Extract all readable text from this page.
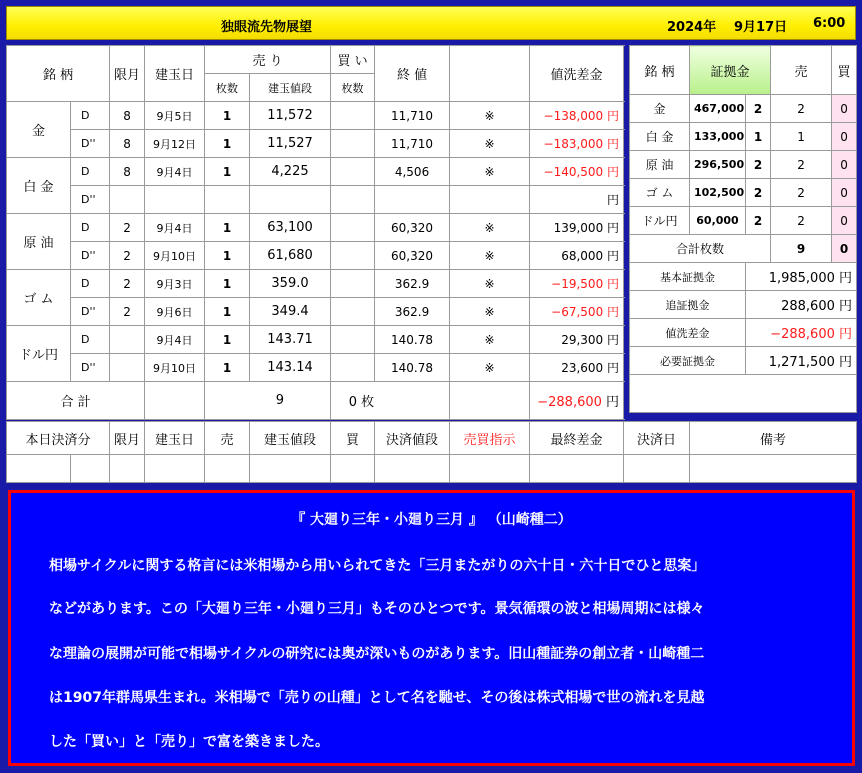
独眼流先物展望	2024年 9月17日 6:00
銘 柄		限月	建玉日	売 り		買 い	終 値	売買指示	値洗差金
				枚数	建玉値段	枚数			
金	D	8	9月5日	1	11,572		11,710	※	−138,000 円
	D''	8	9月12日	1	11,527		11,710	※	−183,000 円
白 金	D	8	9月4日	1	4,225		4,506	※	−140,500 円
	D''								円
原 油	D	2	9月4日	1	63,100		60,320	※	139,000 円
	D''	2	9月10日	1	61,680		60,320	※	68,000 円
ゴ ム	D	2	9月3日	1	359.0		362.9	※	−19,500 円
	D''	2	9月6日	1	349.4		362.9	※	−67,500 円
ドル円	D		9月4日	1	143.71		140.78	※	29,300 円
	D''		9月10日	1	143.14		140.78	※	23,600 円
合 計				9		0 枚			−288,600 円
銘 柄	証拠金		売	買
金	467,000	2	2	0
白 金	133,000	1	1	0
原 油	296,500	2	2	0
ゴ ム	102,500	2	2	0
ドル円	60,000	2	2	0
合計枚数			9	0
基本証拠金		1,985,000 円		
追証拠金		288,600 円		
値洗差金		−288,600 円		
必要証拠金		1,271,500 円		

本日決済分		限月	建玉日	売	建玉値段	買	決済値段	売買指示	最終差金	決済日	備考

『 大廻り三年・小廻り三月 』 （山崎種二）
相場サイクルに関する格言には米相場から用いられてきた「三月またがりの六十日・六十日でひと思案」
などがあります。この「大廻り三年・小廻り三月」もそのひとつです。景気循環の波と相場周期には様々
な理論の展開が可能で相場サイクルの研究には奥が深いものがあります。旧山種証券の創立者・山崎種二
は1907年群馬県生まれ。米相場で「売りの山種」として名を馳せ、その後は株式相場で世の流れを見越
した「買い」と「売り」で富を築きました。
